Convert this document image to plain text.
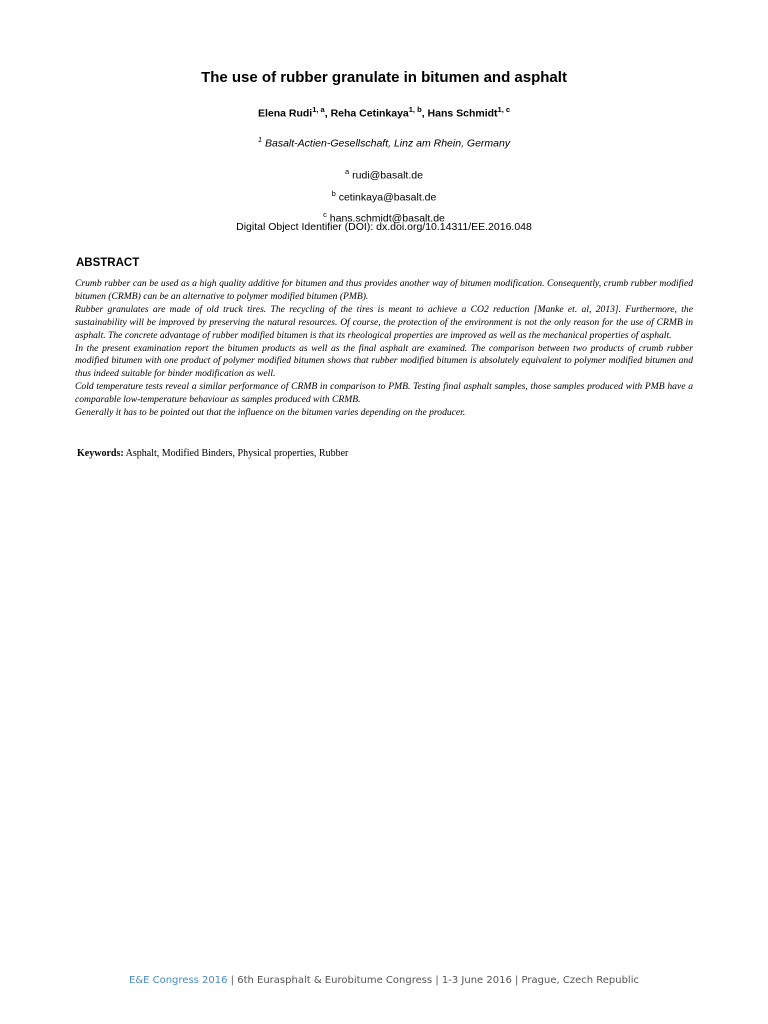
The use of rubber granulate in bitumen and asphalt
Elena Rudi$^{1, a}$, Reha Cetinkaya$^{1, b}$, Hans Schmidt$^{1, c}$
$^1$ Basalt-Actien-Gesellschaft, Linz am Rhein, Germany
$^a$ rudi@basalt.de
$^b$ cetinkaya@basalt.de
$^c$ hans.schmidt@basalt.de
Digital Object Identifier (DOI): dx.doi.org/10.14311/EE.2016.048
ABSTRACT

Crumb rubber can be used as a high quality additive for bitumen and thus provides another way of bitumen modification. Consequently, crumb rubber modified bitumen (CRMB) can be an alternative to polymer modified bitumen (PMB).

Rubber granulates are made of old truck tires. The recycling of the tires is meant to achieve a CO2 reduction [Manke et. al, 2013]. Furthermore, the sustainability will be improved by preserving the natural resources. Of course, the protection of the environment is not the only reason for the use of CRMB in asphalt. The concrete advantage of rubber modified bitumen is that its rheological properties are improved as well as the mechanical properties of asphalt.

In the present examination report the bitumen products as well as the final asphalt are examined. The comparison between two products of crumb rubber modified bitumen with one product of polymer modified bitumen shows that rubber modified bitumen is absolutely equivalent to polymer modified bitumen and thus indeed suitable for binder modification as well.

Cold temperature tests reveal a similar performance of CRMB in comparison to PMB. Testing final asphalt samples, those samples produced with PMB have a comparable low-temperature behaviour as samples produced with CRMB.

Generally it has to be pointed out that the influence on the bitumen varies depending on the producer.

Keywords: Asphalt, Modified Binders, Physical properties, Rubber
E&E Congress 2016 | 6th Eurasphalt & Eurobitume Congress | 1-3 June 2016 | Prague, Czech Republic
